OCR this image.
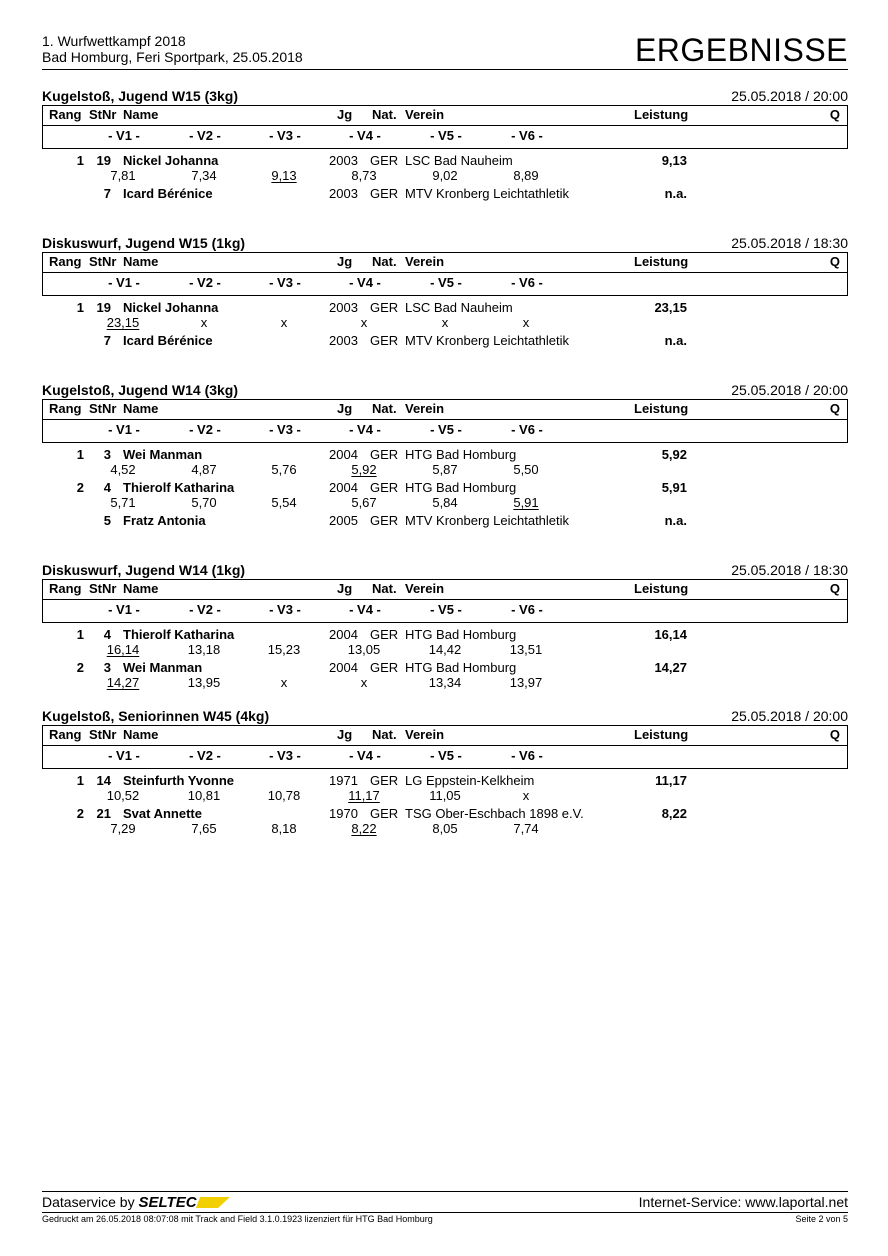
1. Wurfwettkampf 2018
Bad Homburg, Feri Sportpark, 25.05.2018	ERGEBNISSE
Kugelstoß, Jugend W15 (3kg)	25.05.2018 / 20:00
Rang StNr Name	Jg Nat. Verein	Leistung	Q
- V1 -	- V2 -	- V3 -	- V4 -	- V5 -	- V6 -
1 19 Nickel Johanna	2003 GER LSC Bad Nauheim	9,13
7,81	7,34	9,13	8,73	9,02	8,89
7 Icard Bérénice	2003 GER MTV Kronberg Leichtathletik	n.a.
Diskuswurf, Jugend W15 (1kg)	25.05.2018 / 18:30
Rang StNr Name	Jg Nat. Verein	Leistung	Q
- V1 -	- V2 -	- V3 -	- V4 -	- V5 -	- V6 -
1 19 Nickel Johanna	2003 GER LSC Bad Nauheim	23,15
23,15	x	x	x	x	x
7 Icard Bérénice	2003 GER MTV Kronberg Leichtathletik	n.a.
Kugelstoß, Jugend W14 (3kg)	25.05.2018 / 20:00
Rang StNr Name	Jg Nat. Verein	Leistung	Q
- V1 -	- V2 -	- V3 -	- V4 -	- V5 -	- V6 -
1	3 Wei Manman	2004 GER HTG Bad Homburg	5,92
4,52	4,87	5,76	5,92	5,87	5,50
2	4 Thierolf Katharina	2004 GER HTG Bad Homburg	5,91
5,71	5,70	5,54	5,67	5,84	5,91
5 Fratz Antonia	2005 GER MTV Kronberg Leichtathletik	n.a.
Diskuswurf, Jugend W14 (1kg)	25.05.2018 / 18:30
Rang StNr Name	Jg Nat. Verein	Leistung	Q
- V1 -	- V2 -	- V3 -	- V4 -	- V5 -	- V6 -
1	4 Thierolf Katharina	2004 GER HTG Bad Homburg	16,14
16,14	13,18	15,23	13,05	14,42	13,51
2	3 Wei Manman	2004 GER HTG Bad Homburg	14,27
14,27	13,95	x	x	13,34	13,97
Kugelstoß, Seniorinnen W45 (4kg)	25.05.2018 / 20:00
Rang StNr Name	Jg Nat. Verein	Leistung	Q
- V1 -	- V2 -	- V3 -	- V4 -	- V5 -	- V6 -
1 14 Steinfurth Yvonne	1971 GER LG Eppstein-Kelkheim	11,17
10,52	10,81	10,78	11,17	11,05	x
2 21 Svat Annette	1970 GER TSG Ober-Eschbach 1898 e.V.	8,22
7,29	7,65	8,18	8,22	8,05	7,74
Dataservice by SELTEC	Internet-Service: www.laportal.net
Gedruckt am 26.05.2018 08:07:08 mit Track and Field 3.1.0.1923 lizenziert für HTG Bad Homburg	Seite 2 von 5
